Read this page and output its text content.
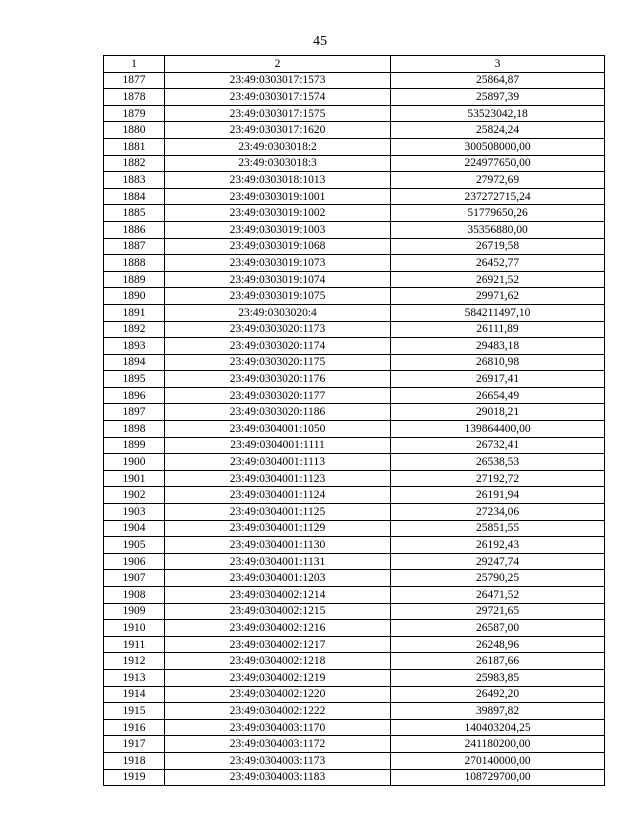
45
1	2	3
1877	23:49:0303017:1573	25864,87
1878	23:49:0303017:1574	25897,39
1879	23:49:0303017:1575	53523042,18
1880	23:49:0303017:1620	25824,24
1881	23:49:0303018:2	300508000,00
1882	23:49:0303018:3	224977650,00
1883	23:49:0303018:1013	27972,69
1884	23:49:0303019:1001	237272715,24
1885	23:49:0303019:1002	51779650,26
1886	23:49:0303019:1003	35356880,00
1887	23:49:0303019:1068	26719,58
1888	23:49:0303019:1073	26452,77
1889	23:49:0303019:1074	26921,52
1890	23:49:0303019:1075	29971,62
1891	23:49:0303020:4	584211497,10
1892	23:49:0303020:1173	26111,89
1893	23:49:0303020:1174	29483,18
1894	23:49:0303020:1175	26810,98
1895	23:49:0303020:1176	26917,41
1896	23:49:0303020:1177	26654,49
1897	23:49:0303020:1186	29018,21
1898	23:49:0304001:1050	139864400,00
1899	23:49:0304001:1111	26732,41
1900	23:49:0304001:1113	26538,53
1901	23:49:0304001:1123	27192,72
1902	23:49:0304001:1124	26191,94
1903	23:49:0304001:1125	27234,06
1904	23:49:0304001:1129	25851,55
1905	23:49:0304001:1130	26192,43
1906	23:49:0304001:1131	29247,74
1907	23:49:0304001:1203	25790,25
1908	23:49:0304002:1214	26471,52
1909	23:49:0304002:1215	29721,65
1910	23:49:0304002:1216	26587,00
1911	23:49:0304002:1217	26248,96
1912	23:49:0304002:1218	26187,66
1913	23:49:0304002:1219	25983,85
1914	23:49:0304002:1220	26492,20
1915	23:49:0304002:1222	39897,82
1916	23:49:0304003:1170	140403204,25
1917	23:49:0304003:1172	241180200,00
1918	23:49:0304003:1173	270140000,00
1919	23:49:0304003:1183	108729700,00
